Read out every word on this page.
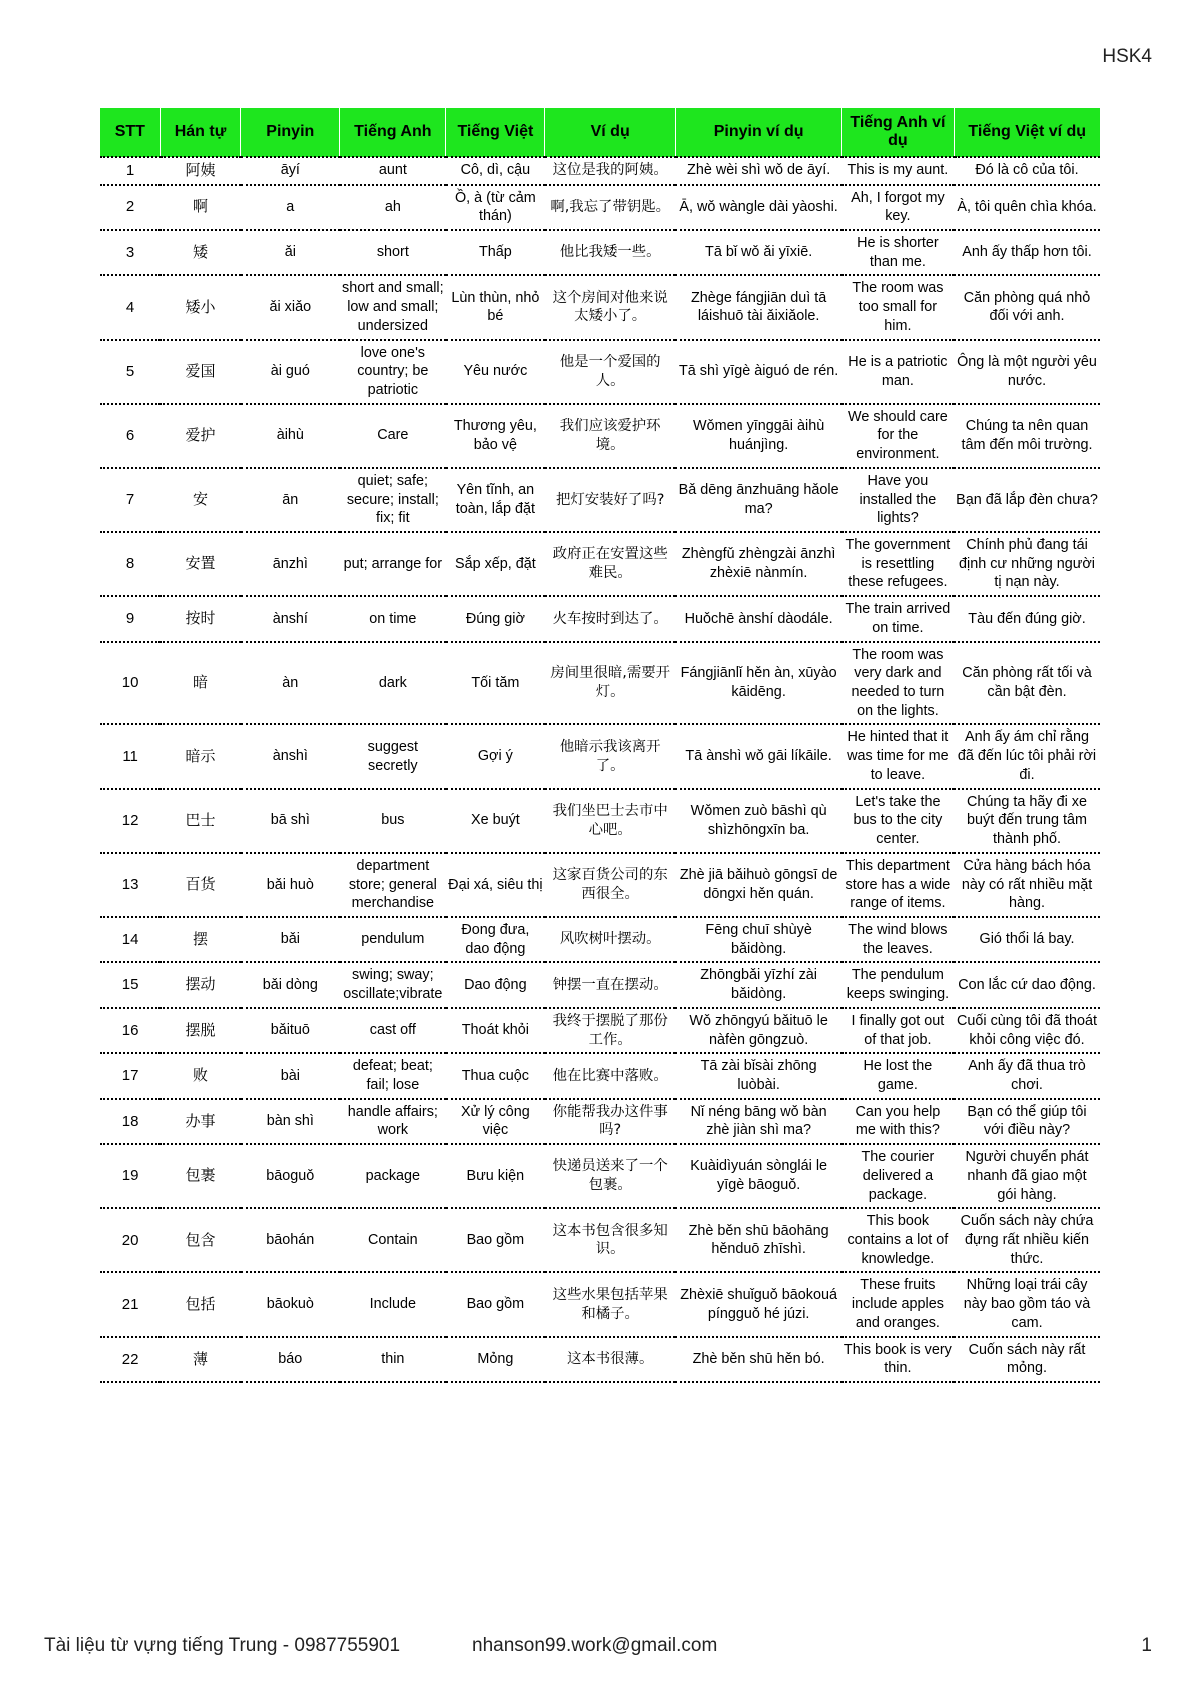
HSK4
STT	Hán tự	Pinyin	Tiếng Anh	Tiếng Việt	Ví dụ	Pinyin ví dụ	Tiếng Anh ví dụ	Tiếng Việt ví dụ
1	阿姨	āyí	aunt	Cô, dì, cậu	这位是我的阿姨。	Zhè wèi shì wǒ de āyí.	This is my aunt.	Đó là cô của tôi.
2	啊	a	ah	Ồ, à (từ cảm thán)	啊,我忘了带钥匙。	Ā, wǒ wàngle dài yàoshi.	Ah, I forgot my key.	À, tôi quên chìa khóa.
3	矮	ǎi	short	Thấp	他比我矮一些。	Tā bǐ wǒ ǎi yīxiē.	He is shorter than me.	Anh ấy thấp hơn tôi.
4	矮小	ǎi xiǎo	short and small; low and small; undersized	Lùn thùn, nhỏ bé	这个房间对他来说太矮小了。	Zhège fángjiān duì tā láishuō tài ǎixiǎole.	The room was too small for him.	Căn phòng quá nhỏ đối với anh.
5	爱国	ài guó	love one's country; be patriotic	Yêu nước	他是一个爱国的人。	Tā shì yīgè àiguó de rén.	He is a patriotic man.	Ông là một người yêu nước.
6	爱护	àihù	Care	Thương yêu, bảo vệ	我们应该爱护环境。	Wǒmen yīnggāi àihù huánjìng.	We should care for the environment.	Chúng ta nên quan tâm đến môi trường.
7	安	ān	quiet; safe; secure; install; fix; fit	Yên tĩnh, an toàn, lắp đặt	把灯安装好了吗?	Bǎ dēng ānzhuāng hǎole ma?	Have you installed the lights?	Bạn đã lắp đèn chưa?
8	安置	ānzhì	put; arrange for	Sắp xếp, đặt	政府正在安置这些难民。	Zhèngfǔ zhèngzài ānzhì zhèxiē nànmín.	The government is resettling these refugees.	Chính phủ đang tái định cư những người tị nạn này.
9	按时	ànshí	on time	Đúng giờ	火车按时到达了。	Huǒchē ànshí dàodále.	The train arrived on time.	Tàu đến đúng giờ.
10	暗	àn	dark	Tối tăm	房间里很暗,需要开灯。	Fángjiānlǐ hěn àn, xūyào kāidēng.	The room was very dark and needed to turn on the lights.	Căn phòng rất tối và cần bật đèn.
11	暗示	ànshì	suggest secretly	Gợi ý	他暗示我该离开了。	Tā ànshì wǒ gāi líkāile.	He hinted that it was time for me to leave.	Anh ấy ám chỉ rằng đã đến lúc tôi phải rời đi.
12	巴士	bā shì	bus	Xe buýt	我们坐巴士去市中心吧。	Wǒmen zuò bāshì qù shìzhōngxīn ba.	Let's take the bus to the city center.	Chúng ta hãy đi xe buýt đến trung tâm thành phố.
13	百货	bǎi huò	department store; general merchandise	Đại xá, siêu thị	这家百货公司的东西很全。	Zhè jiā bǎihuò gōngsī de dōngxi hěn quán.	This department store has a wide range of items.	Cửa hàng bách hóa này có rất nhiều mặt hàng.
14	摆	bǎi	pendulum	Đong đưa, dao động	风吹树叶摆动。	Fēng chuī shùyè bǎidòng.	The wind blows the leaves.	Gió thổi lá bay.
15	摆动	bǎi dòng	swing; sway; oscillate;vibrate	Dao động	钟摆一直在摆动。	Zhōngbǎi yīzhí zài bǎidòng.	The pendulum keeps swinging.	Con lắc cứ dao động.
16	摆脱	bǎituō	cast off	Thoát khỏi	我终于摆脱了那份工作。	Wǒ zhōngyú bǎituō le nàfèn gōngzuò.	I finally got out of that job.	Cuối cùng tôi đã thoát khỏi công việc đó.
17	败	bài	defeat; beat; fail; lose	Thua cuộc	他在比赛中落败。	Tā zài bǐsài zhōng luòbài.	He lost the game.	Anh ấy đã thua trò chơi.
18	办事	bàn shì	handle affairs; work	Xử lý công việc	你能帮我办这件事吗?	Nǐ néng bāng wǒ bàn zhè jiàn shì ma?	Can you help me with this?	Bạn có thể giúp tôi với điều này?
19	包裹	bāoguǒ	package	Bưu kiện	快递员送来了一个包裹。	Kuàidìyuán sònglái le yīgè bāoguǒ.	The courier delivered a package.	Người chuyển phát nhanh đã giao một gói hàng.
20	包含	bāohán	Contain	Bao gồm	这本书包含很多知识。	Zhè běn shū bāohāng hěnduō zhīshì.	This book contains a lot of knowledge.	Cuốn sách này chứa đựng rất nhiều kiến thức.
21	包括	bāokuò	Include	Bao gồm	这些水果包括苹果和橘子。	Zhèxiē shuǐguǒ bāokouá píngguǒ hé júzi.	These fruits include apples and oranges.	Những loại trái cây này bao gồm táo và cam.
22	薄	báo	thin	Mỏng	这本书很薄。	Zhè běn shū hěn bó.	This book is very thin.	Cuốn sách này rất mỏng.
Tài liệu từ vựng tiếng Trung - 0987755901	nhanson99.work@gmail.com	1
